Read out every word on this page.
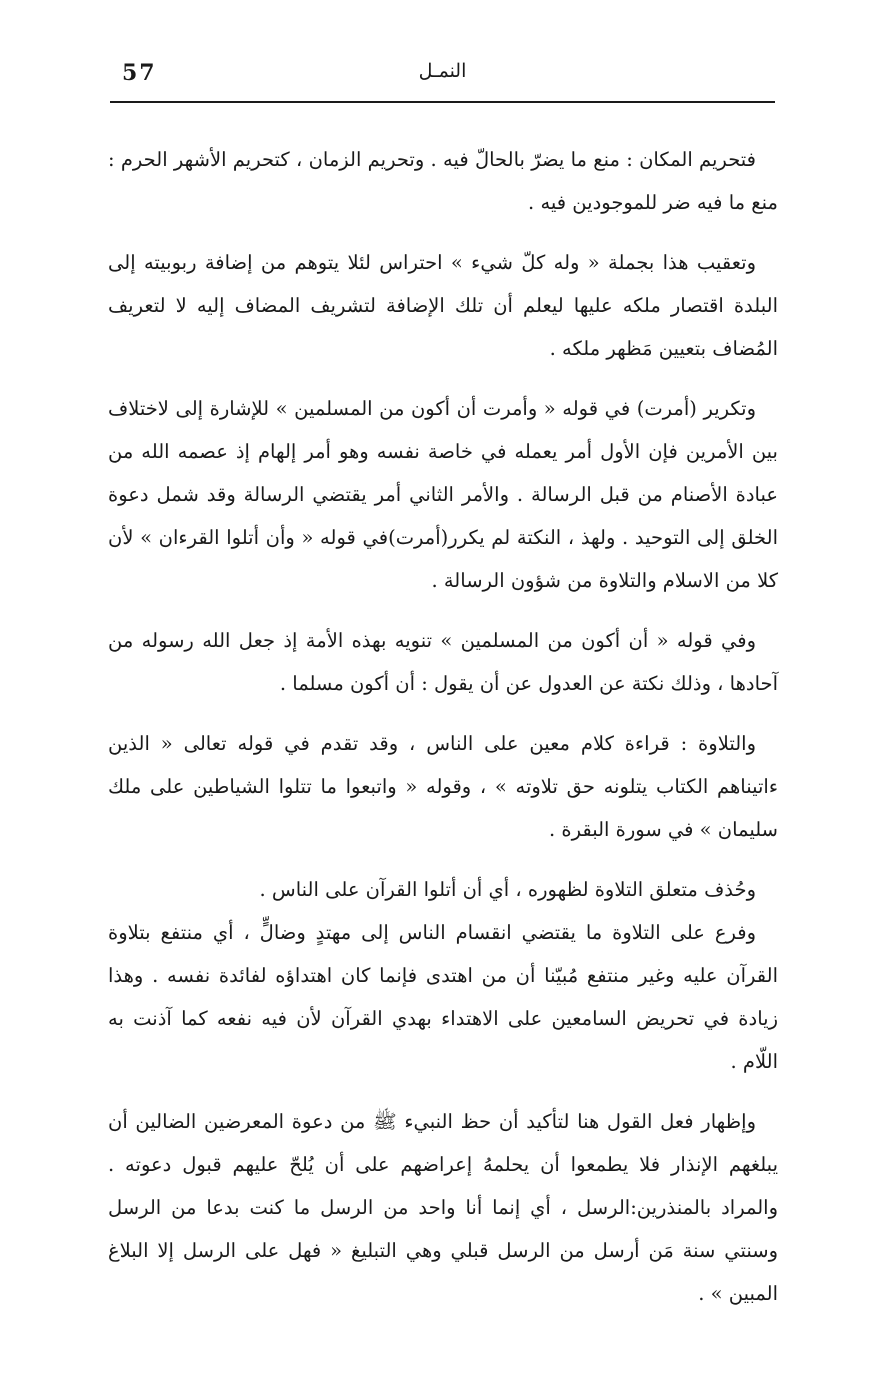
57	النمـل

فتحريم المكان : منع ما يضرّ بالحالّ فيه . وتحريم الزمان ، كتحريم الأشهر الحرم : منع ما فيه ضر للموجودين فيه .

وتعقيب هذا بجملة « وله كلّ شيء » احتراس لئلا يتوهم من إضافة ربوبيته إلى البلدة اقتصار ملكه عليها ليعلم أن تلك الإضافة لتشريف المضاف إليه لا لتعريف المُضاف بتعيين مَظهر ملكه .

وتكرير (أمرت) في قوله « وأمرت أن أكون من المسلمين » للإشارة إلى لاختلاف بين الأمرين فإن الأول أمر يعمله في خاصة نفسه وهو أمر إلهام إذ عصمه الله من عبادة الأصنام من قبل الرسالة . والأمر الثاني أمر يقتضي الرسالة وقد شمل دعوة الخلق إلى التوحيد . ولهذ ، النكتة لم يكرر(أمرت)في قوله « وأن أتلوا القرءان » لأن كلا من الاسلام والتلاوة من شؤون الرسالة .

وفي قوله « أن أكون من المسلمين » تنويه بهذه الأمة إذ جعل الله رسوله من آحادها ، وذلك نكتة عن العدول عن أن يقول : أن أكون مسلما .

والتلاوة : قراءة كلام معين على الناس ، وقد تقدم في قوله تعالى « الذين ءاتيناهم الكتاب يتلونه حق تلاوته » ، وقوله « واتبعوا ما تتلوا الشياطين على ملك سليمان » في سورة البقرة .

وحُذف متعلق التلاوة لظهوره ، أي أن أتلوا القرآن على الناس .

وفرع على التلاوة ما يقتضي انقسام الناس إلى مهتدٍ وضالٍّ ، أي منتفع بتلاوة القرآن عليه وغير منتفع مُبيّنا أن من اهتدى فإنما كان اهتداؤه لفائدة نفسه . وهذا زيادة في تحريض السامعين على الاهتداء بهدي القرآن لأن فيه نفعه كما آذنت به اللّام .

وإظهار فعل القول هنا لتأكيد أن حظ النبيء ﷺ من دعوة المعرضين الضالين أن يبلغهم الإنذار فلا يطمعوا أن يحلمهُ إعراضهم على أن يُلحّ عليهم قبول دعوته . والمراد بالمنذرين:الرسل ، أي إنما أنا واحد من الرسل ما كنت بدعا من الرسل وسنتي سنة مَن أرسل من الرسل قبلي وهي التبليغ « فهل على الرسل إلا البلاغ المبين » .
